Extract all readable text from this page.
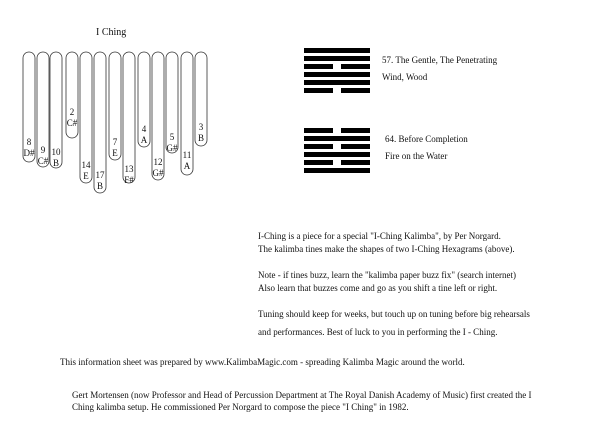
I Ching
8
D# 9
C#
10
B
2
C#
14
E 17
B
7
E
13
F#
4
A
12
G#
5
G#
11
A
3
B
57. The Gentle, The Penetrating
Wind, Wood
64. Before Completion
Fire on the Water

I-Ching is a piece for a special "I-Ching Kalimba", by Per Norgard.

The kalimba tines make the shapes of two I-Ching Hexagrams (above).

Note - if tines buzz, learn the "kalimba paper buzz fix" (search internet)

Also learn that buzzes come and go as you shift a tine left or right.

Tuning should keep for weeks, but touch up on tuning before big rehearsals

and performances. Best of luck to you in performing the I - Ching.

This information sheet was prepared by www.KalimbaMagic.com - spreading Kalimba Magic around the world.
Gert Mortensen (now Professor and Head of Percussion Department at The Royal Danish Academy of Music) first created the I Ching kalimba setup. He commissioned Per Norgard to compose the piece "I Ching" in 1982.
